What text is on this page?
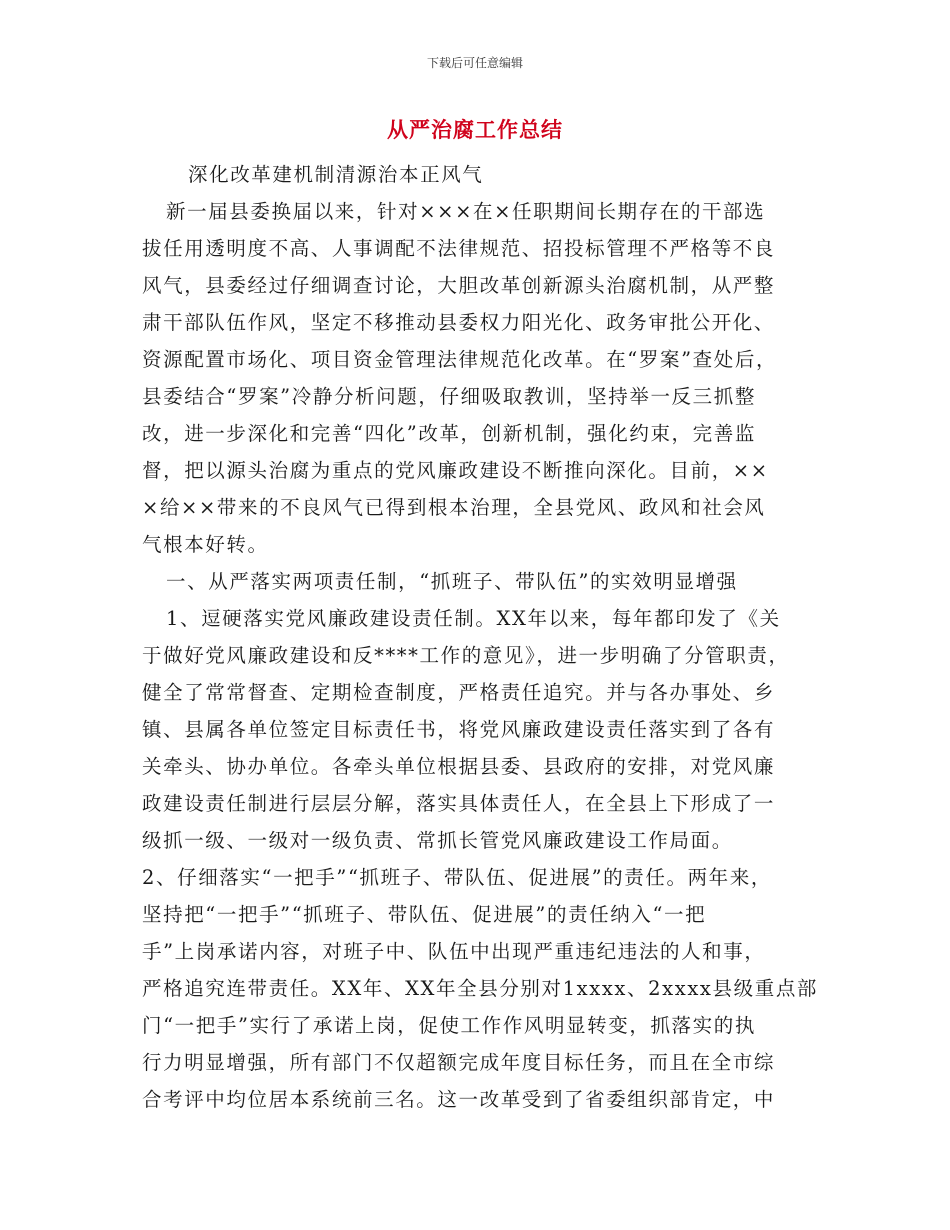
下载后可任意编辑
从严治腐工作总结
深化改革建机制清源治本正风气
新一届县委换届以来，针对×××在×任职期间长期存在的干部选
拔任用透明度不高、人事调配不法律规范、招投标管理不严格等不良
风气，县委经过仔细调查讨论，大胆改革创新源头治腐机制，从严整
肃干部队伍作风，坚定不移推动县委权力阳光化、政务审批公开化、
资源配置市场化、项目资金管理法律规范化改革。在“罗案”查处后，
县委结合“罗案”冷静分析问题，仔细吸取教训，坚持举一反三抓整
改，进一步深化和完善“四化”改革，创新机制，强化约束，完善监
督，把以源头治腐为重点的党风廉政建设不断推向深化。目前，××
×给××带来的不良风气已得到根本治理，全县党风、政风和社会风
气根本好转。
一、从严落实两项责任制，“抓班子、带队伍”的实效明显增强
1、逗硬落实党风廉政建设责任制。XX年以来，每年都印发了《关
于做好党风廉政建设和反****工作的意见》，进一步明确了分管职责，
健全了常常督查、定期检查制度，严格责任追究。并与各办事处、乡
镇、县属各单位签定目标责任书，将党风廉政建设责任落实到了各有
关牵头、协办单位。各牵头单位根据县委、县政府的安排，对党风廉
政建设责任制进行层层分解，落实具体责任人，在全县上下形成了一
级抓一级、一级对一级负责、常抓长管党风廉政建设工作局面。
2、仔细落实“一把手”“抓班子、带队伍、促进展”的责任。两年来，
坚持把“一把手”“抓班子、带队伍、促进展”的责任纳入“一把
手”上岗承诺内容，对班子中、队伍中出现严重违纪违法的人和事，
严格追究连带责任。XX年、XX年全县分别对1xxxx、2xxxx县级重点部
门“一把手”实行了承诺上岗，促使工作作风明显转变，抓落实的执
行力明显增强，所有部门不仅超额完成年度目标任务，而且在全市综
合考评中均位居本系统前三名。这一改革受到了省委组织部肯定，中
